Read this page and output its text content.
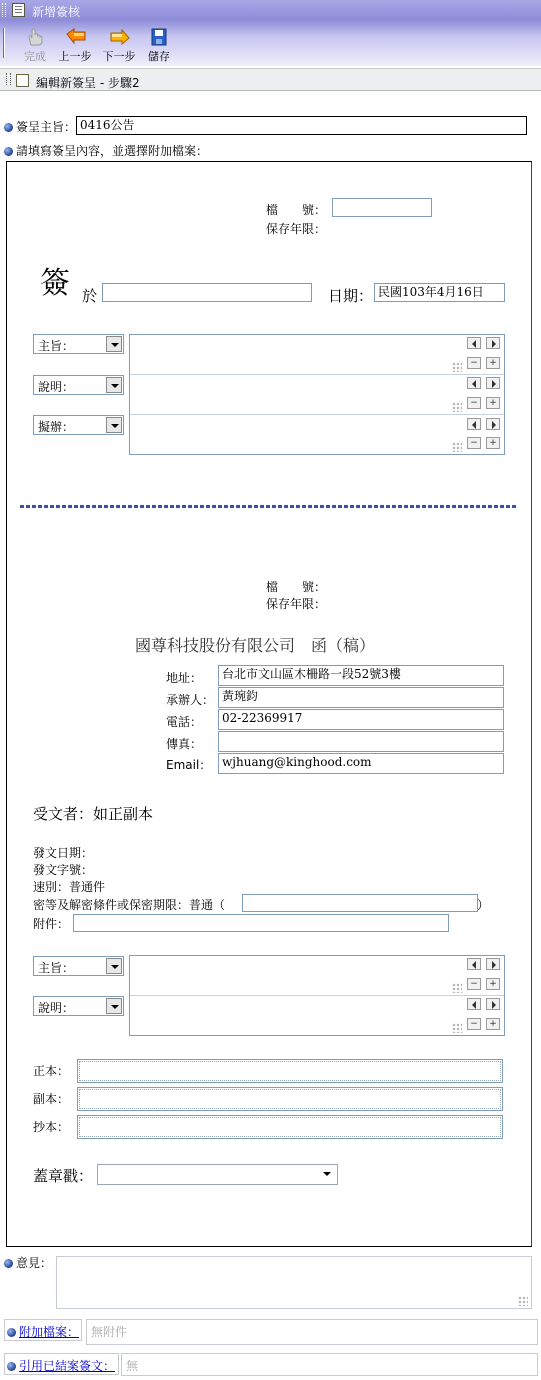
新增簽核
完成	上一步 下一步	儲存
編輯新簽呈 - 步驟2
簽呈主旨： 0416公告
請填寫簽呈內容，並選擇附加檔案：
檔　　號：
保存年限：
簽 於	日期： 民國103年4月16日
主旨：
說明：
擬辦：
−	+
−	+
−	+
檔　　號：
保存年限：
國尊科技股份有限公司　函（稿）
地址：	台北市文山區木柵路一段52號3樓
承辦人： 黃琬鈞
電話：	02-22369917
傳真：
Email： wjhuang@kinghood.com
受文者：如正副本
發文日期：
發文字號：
速別：普通件
密等及解密條件或保密期限：普通（	）
附件：
主旨：
說明：
−	+
−	+
正本：
副本：
抄本：
蓋章戳：
意見：
附加檔案： 無附件
引用已結案簽文： 無
